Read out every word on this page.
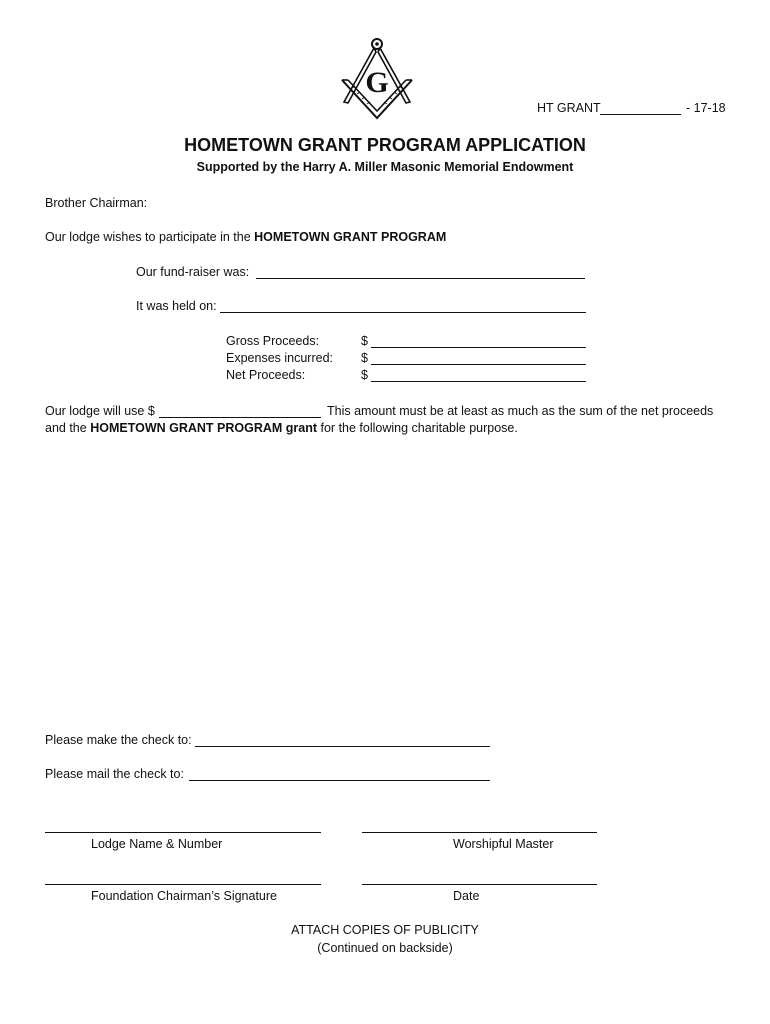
G
HT GRANT	- 17-18
HOMETOWN GRANT PROGRAM APPLICATION
Supported by the Harry A. Miller Masonic Memorial Endowment
Brother Chairman:
Our lodge wishes to participate in the HOMETOWN GRANT PROGRAM
Our fund-raiser was:
It was held on:
Gross Proceeds:	$
Expenses incurred: $
Net Proceeds:	$
Our lodge will use $	This amount must be at least as much as the sum of the net proceeds
and the HOMETOWN GRANT PROGRAM grant for the following charitable purpose.
Please make the check to:
Please mail the check to:
Lodge Name & Number	Worshipful Master
Foundation Chairman’s Signature	Date
ATTACH COPIES OF PUBLICITY
(Continued on backside)
